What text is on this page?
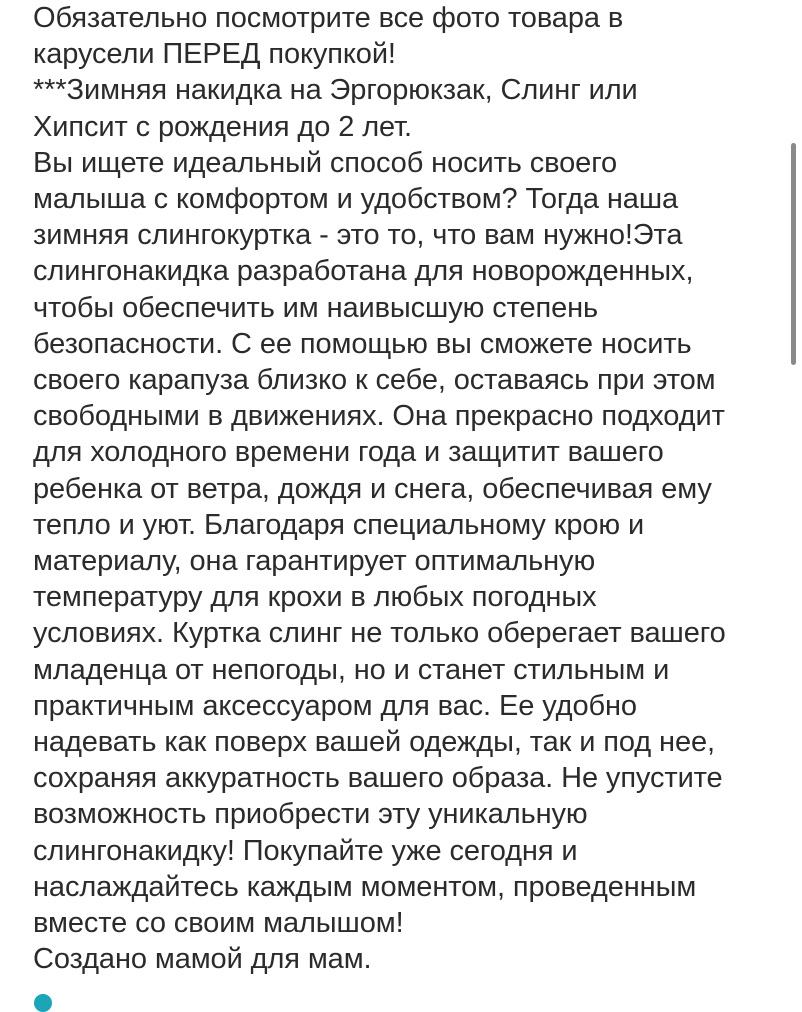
Обязательно посмотрите все фото товара в
карусели ПЕРЕД покупкой!
***Зимняя накидка на Эргорюкзак, Слинг или
Хипсит с рождения до 2 лет.
Вы ищете идеальный способ носить своего
малыша с комфортом и удобством? Тогда наша
зимняя слингокуртка - это то, что вам нужно!Эта
слингонакидка разработана для новорожденных,
чтобы обеспечить им наивысшую степень
безопасности. С ее помощью вы сможете носить
своего карапуза близко к себе, оставаясь при этом
свободными в движениях. Она прекрасно подходит
для холодного времени года и защитит вашего
ребенка от ветра, дождя и снега, обеспечивая ему
тепло и уют. Благодаря специальному крою и
материалу, она гарантирует оптимальную
температуру для крохи в любых погодных
условиях. Куртка слинг не только оберегает вашего
младенца от непогоды, но и станет стильным и
практичным аксессуаром для вас. Ее удобно
надевать как поверх вашей одежды, так и под нее,
сохраняя аккуратность вашего образа. Не упустите
возможность приобрести эту уникальную
слингонакидку! Покупайте уже сегодня и
наслаждайтесь каждым моментом, проведенным
вместе со своим малышом!
Создано мамой для мам.
